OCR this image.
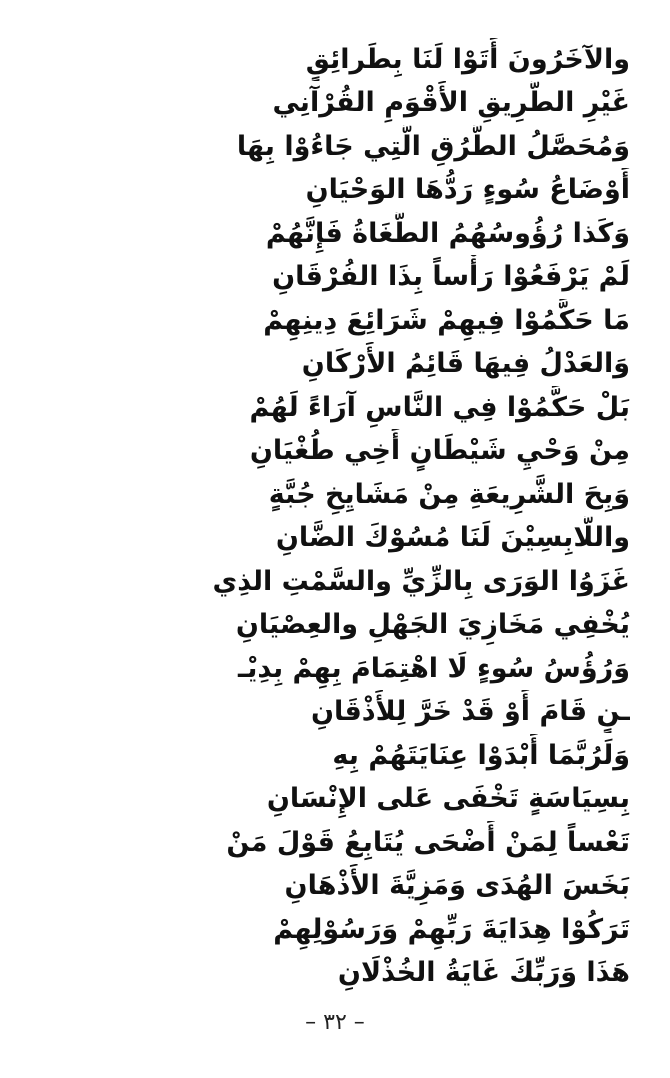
والآخَرُونَ أَتَوْا لَنَا بِطَرائِقٍ
غَيْرِ الطَّرِيقِ الأَقْوَمِ القُرْآنِي
وَمُحَصَّلُ الطُّرُقِ الَّتِي جَاءُوْا بِهَا
أَوْضَاعُ سُوءٍ رَدُّهَا الوَحْيَانِ
وَكَذا رُؤُوسُهُمُ الطُّغَاةُ فَإِنَّهُمْ
لَمْ يَرْفَعُوْا رَأْساً بِذَا الفُرْقَانِ
مَا حَكَّمُوْا فِيهِمْ شَرَائِعَ دِينِهِمْ
وَالعَدْلُ فِيهَا قَائِمُ الأَرْكَانِ
بَلْ حَكَّمُوْا فِي النَّاسِ آرَاءً لَهُمْ
مِنْ وَحْيِ شَيْطَانٍ أَخِي طُغْيَانِ
وَبِحَ الشَّرِيعَةِ مِنْ مَشَايِخِ جُبَّةٍ
واللَّابِسِيْنَ لَنَا مُسُوْكَ الضَّانِ
غَزَوُا الوَرَى بِالزِّيِّ والسَّمْتِ الذِي
يُخْفِي مَخَازِيَ الجَهْلِ والعِصْيَانِ
وَرُؤُسُ سُوءٍ لَا اهْتِمَامَ بِهِمْ بِدِيْـ
ـنٍ قَامَ أَوْ قَدْ خَرَّ لِلأَذْقَانِ
وَلَرُبَّمَا أَبْدَوْا عِنَايَتَهُمْ بِهِ
بِسِيَاسَةٍ تَخْفَى عَلى الإِنْسَانِ
تَعْساً لِمَنْ أَضْحَى يُتَابِعُ قَوْلَ مَنْ
بَخَسَ الهُدَى وَمَزِيَّةَ الأَذْهَانِ
تَرَكُوْا هِدَايَةَ رَبِّهِمْ وَرَسُوْلِهِمْ
هَذَا وَرَبِّكَ غَايَةُ الخُذْلَانِ
– ٣٢ –
